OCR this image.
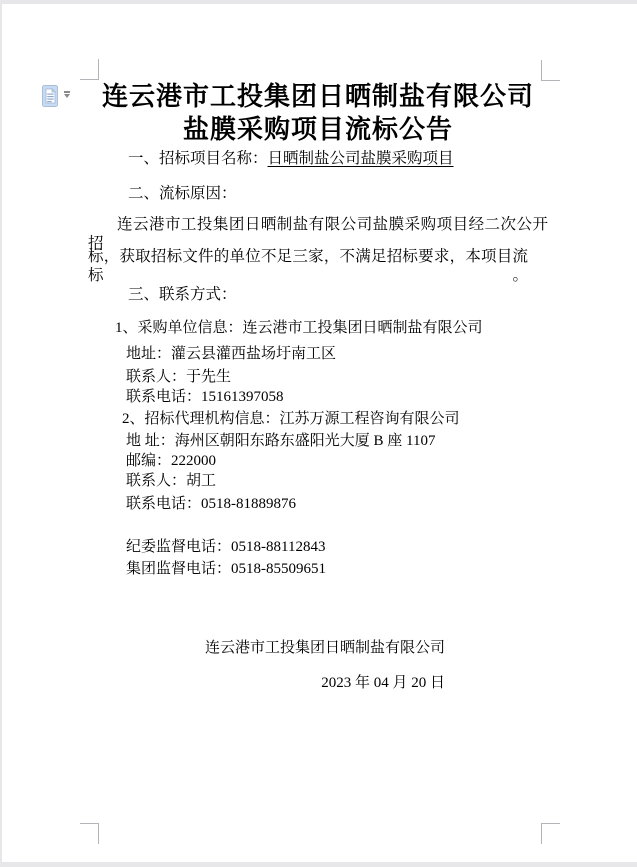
连云港市工投集团日晒制盐有限公司
盐膜采购项目流标公告
一、招标项目名称：日晒制盐公司盐膜采购项目
二、流标原因：
连云港市工投集团日晒制盐有限公司盐膜采购项目经二次公开招
标，获取招标文件的单位不足三家，不满足招标要求，本项目流标。
三、联系方式：
1、采购单位信息：连云港市工投集团日晒制盐有限公司
地址：灌云县灌西盐场圩南工区
联系人：于先生
联系电话：15161397058
2、招标代理机构信息：江苏万源工程咨询有限公司
地 址：海州区朝阳东路东盛阳光大厦 B 座 1107
邮编：222000
联系人：胡工
联系电话：0518-81889876
纪委监督电话：0518-88112843
集团监督电话：0518-85509651
连云港市工投集团日晒制盐有限公司
2023 年 04 月 20 日
